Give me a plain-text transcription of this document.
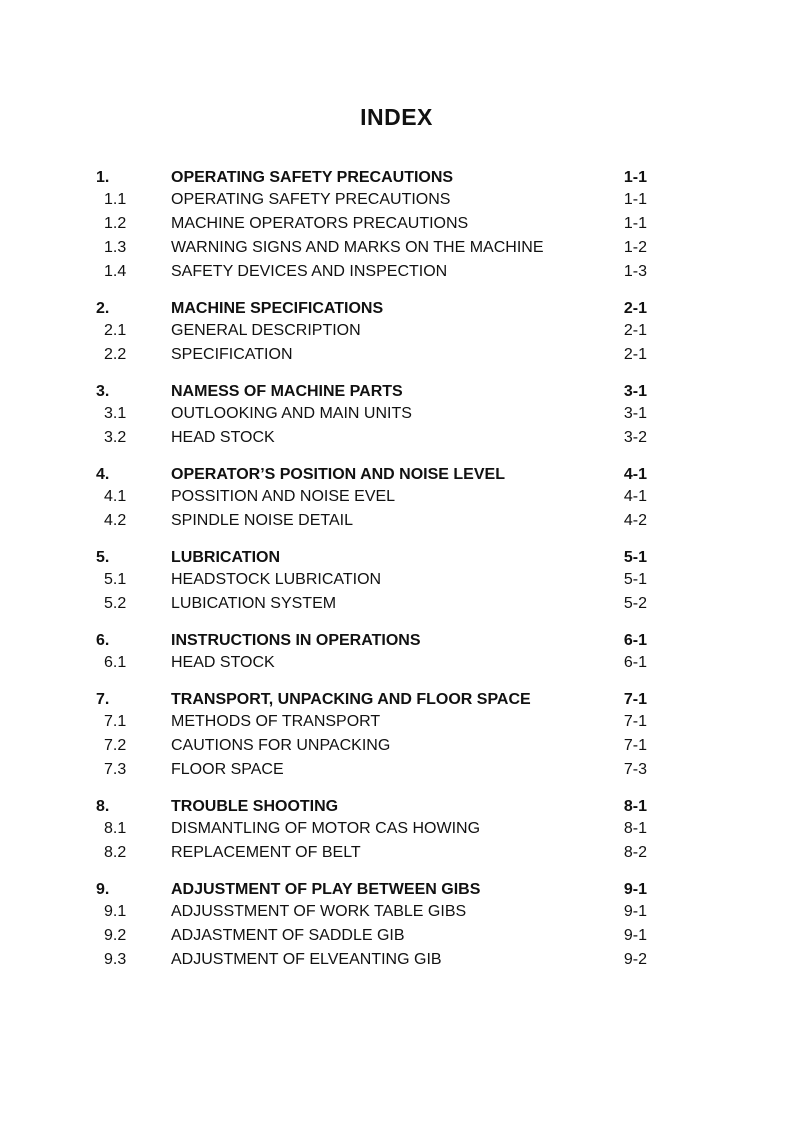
INDEX
1.	OPERATING SAFETY PRECAUTIONS	1-1
1.1	OPERATING SAFETY PRECAUTIONS	1-1
1.2	MACHINE OPERATORS PRECAUTIONS	1-1
1.3	WARNING SIGNS AND MARKS ON THE MACHINE	1-2
1.4	SAFETY DEVICES AND INSPECTION	1-3
2.	MACHINE SPECIFICATIONS	2-1
2.1	GENERAL DESCRIPTION	2-1
2.2	SPECIFICATION	2-1
3.	NAMESS OF MACHINE PARTS	3-1
3.1	OUTLOOKING AND MAIN UNITS	3-1
3.2	HEAD STOCK	3-2
4.	OPERATOR’S POSITION AND NOISE LEVEL	4-1
4.1	POSSITION AND NOISE EVEL	4-1
4.2	SPINDLE NOISE DETAIL	4-2
5.	LUBRICATION	5-1
5.1	HEADSTOCK LUBRICATION	5-1
5.2	LUBICATION SYSTEM	5-2
6.	INSTRUCTIONS IN OPERATIONS	6-1
6.1	HEAD STOCK	6-1
7.	TRANSPORT, UNPACKING AND FLOOR SPACE	7-1
7.1	METHODS OF TRANSPORT	7-1
7.2	CAUTIONS FOR UNPACKING	7-1
7.3	FLOOR SPACE	7-3
8.	TROUBLE SHOOTING	8-1
8.1	DISMANTLING OF MOTOR CAS HOWING	8-1
8.2	REPLACEMENT OF BELT	8-2
9.	ADJUSTMENT OF PLAY BETWEEN GIBS	9-1
9.1	ADJUSSTMENT OF WORK TABLE GIBS	9-1
9.2	ADJASTMENT OF SADDLE GIB	9-1
9.3	ADJUSTMENT OF ELVEANTING GIB	9-2
